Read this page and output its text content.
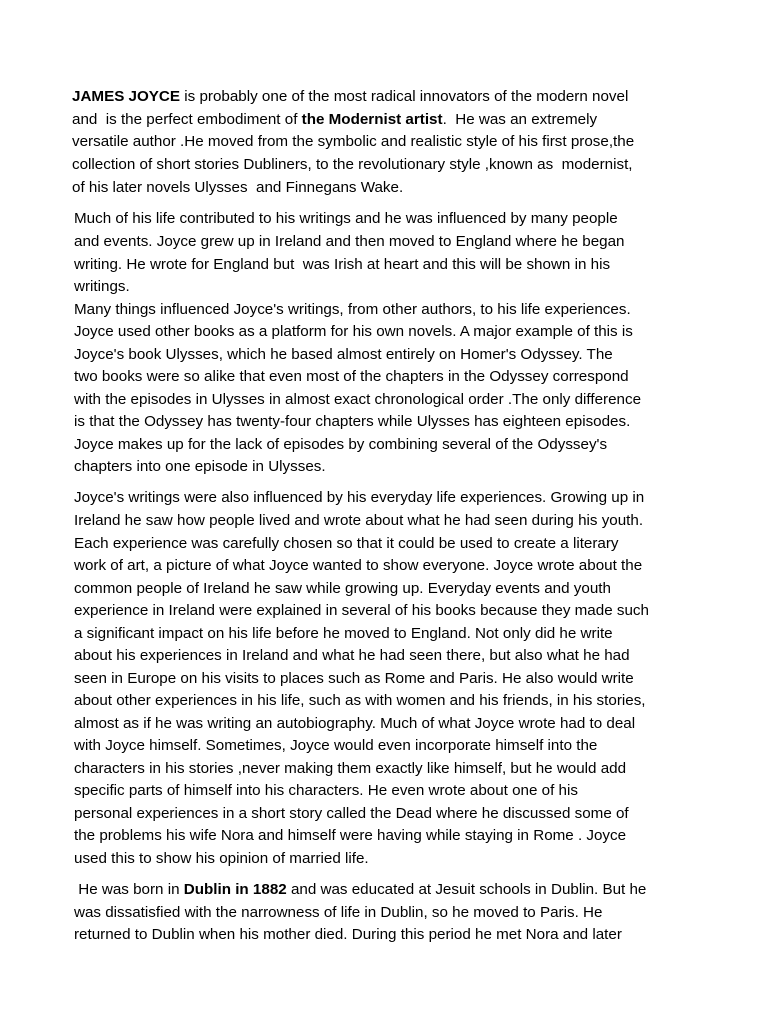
JAMES JOYCE is probably one of the most radical innovators of the modern novel
and  is the perfect embodiment of the Modernist artist.  He was an extremely
versatile author .He moved from the symbolic and realistic style of his first prose,the
collection of short stories Dubliners, to the revolutionary style ,known as  modernist,
of his later novels Ulysses  and Finnegans Wake.
Much of his life contributed to his writings and he was influenced by many people
and events. Joyce grew up in Ireland and then moved to England where he began
writing. He wrote for England but  was Irish at heart and this will be shown in his
writings.
Many things influenced Joyce's writings, from other authors, to his life experiences.
Joyce used other books as a platform for his own novels. A major example of this is
Joyce's book Ulysses, which he based almost entirely on Homer's Odyssey. The
two books were so alike that even most of the chapters in the Odyssey correspond
with the episodes in Ulysses in almost exact chronological order .The only difference
is that the Odyssey has twenty-four chapters while Ulysses has eighteen episodes.
Joyce makes up for the lack of episodes by combining several of the Odyssey's
chapters into one episode in Ulysses.
Joyce's writings were also influenced by his everyday life experiences. Growing up in
Ireland he saw how people lived and wrote about what he had seen during his youth.
Each experience was carefully chosen so that it could be used to create a literary
work of art, a picture of what Joyce wanted to show everyone. Joyce wrote about the
common people of Ireland he saw while growing up. Everyday events and youth
experience in Ireland were explained in several of his books because they made such
a significant impact on his life before he moved to England. Not only did he write
about his experiences in Ireland and what he had seen there, but also what he had
seen in Europe on his visits to places such as Rome and Paris. He also would write
about other experiences in his life, such as with women and his friends, in his stories,
almost as if he was writing an autobiography. Much of what Joyce wrote had to deal
with Joyce himself. Sometimes, Joyce would even incorporate himself into the
characters in his stories ,never making them exactly like himself, but he would add
specific parts of himself into his characters. He even wrote about one of his
personal experiences in a short story called the Dead where he discussed some of
the problems his wife Nora and himself were having while staying in Rome . Joyce
used this to show his opinion of married life.
He was born in Dublin in 1882 and was educated at Jesuit schools in Dublin. But he
was dissatisfied with the narrowness of life in Dublin, so he moved to Paris. He
returned to Dublin when his mother died. During this period he met Nora and later
